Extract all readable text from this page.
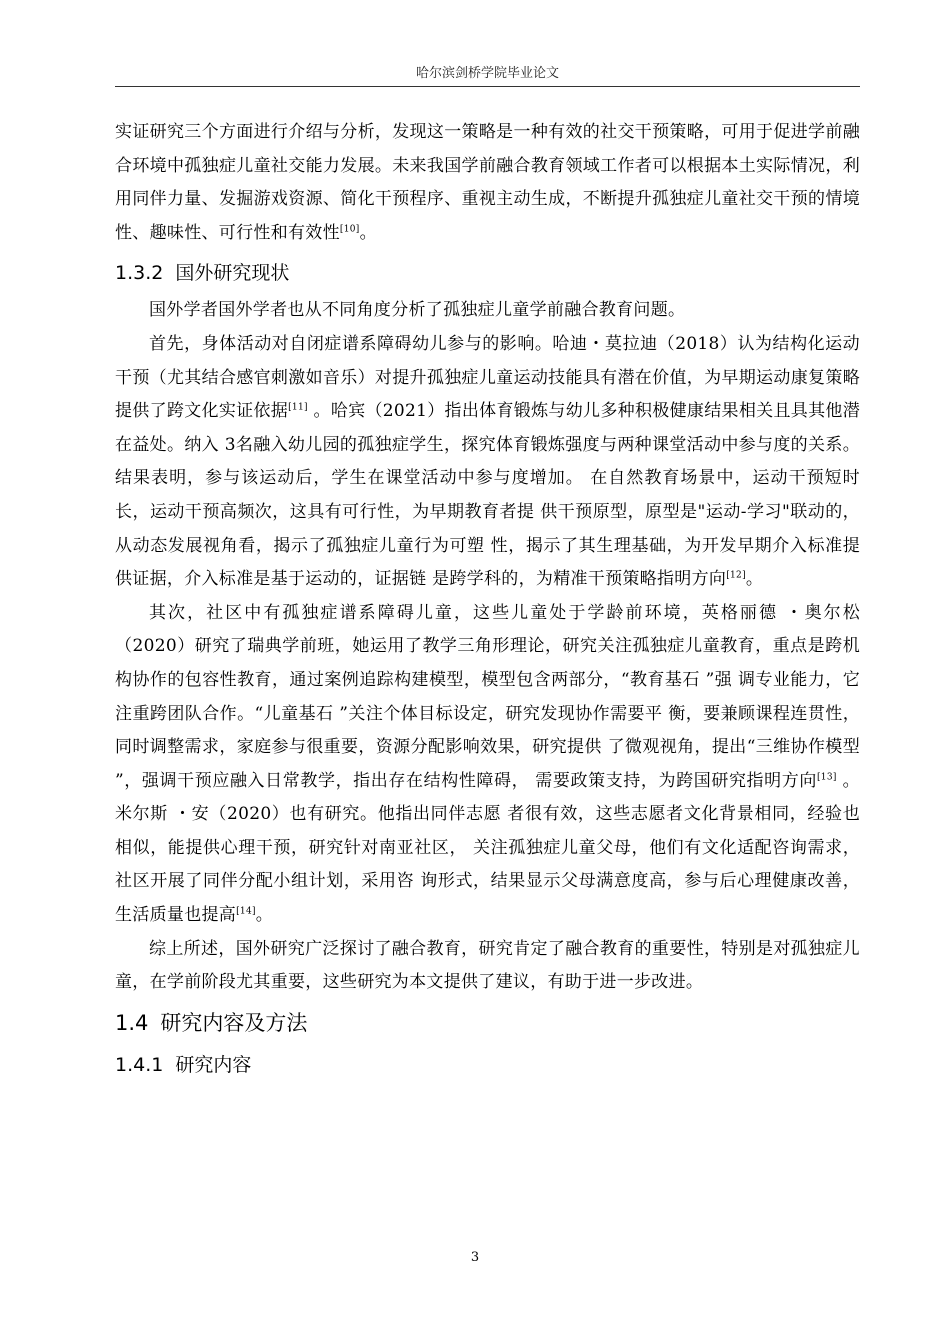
哈尔滨剑桥学院毕业论文

实证研究三个方面进行介绍与分析，发现这一策略是一种有效的社交干预策略，可用于促进学前融合环境中孤独症儿童社交能力发展。未来我国学前融合教育领域工作者可以根据本土实际情况，利用同伴力量、发掘游戏资源、简化干预程序、重视主动生成，不断提升孤独症儿童社交干预的情境性、趣味性、可行性和有效性[10]。

1.3.2 国外研究现状

国外学者国外学者也从不同角度分析了孤独症儿童学前融合教育问题。

首先，身体活动对自闭症谱系障碍幼儿参与的影响。哈迪・莫拉迪（2018）认为结构化运动干预（尤其结合感官刺激如音乐）对提升孤独症儿童运动技能具有潜在价值，为早期运动康复策略提供了跨文化实证依据[11] 。哈宾（2021）指出体育锻炼与幼儿多种积极健康结果相关且具其他潜在益处。纳入 3名融入幼儿园的孤独症学生，探究体育锻炼强度与两种课堂活动中参与度的关系。结果表明，参与该运动后，学生在课堂活动中参与度增加。 在自然教育场景中，运动干预短时长，运动干预高频次，这具有可行性，为早期教育者提 供干预原型，原型是"运动-学习"联动的，从动态发展视角看，揭示了孤独症儿童行为可塑 性，揭示了其生理基础，为开发早期介入标准提供证据，介入标准是基于运动的，证据链 是跨学科的，为精准干预策略指明方向[12]。

其次，社区中有孤独症谱系障碍儿童，这些儿童处于学龄前环境，英格丽德 ・奥尔松（2020）研究了瑞典学前班，她运用了教学三角形理论，研究关注孤独症儿童教育，重点是跨机构协作的包容性教育，通过案例追踪构建模型，模型包含两部分，“教育基石 ”强 调专业能力，它注重跨团队合作。“儿童基石 ”关注个体目标设定，研究发现协作需要平 衡，要兼顾课程连贯性，同时调整需求，家庭参与很重要，资源分配影响效果，研究提供 了微观视角，提出“三维协作模型 ”，强调干预应融入日常教学，指出存在结构性障碍， 需要政策支持，为跨国研究指明方向[13] 。米尔斯 ・安（2020）也有研究。他指出同伴志愿 者很有效，这些志愿者文化背景相同，经验也相似，能提供心理干预，研究针对南亚社区， 关注孤独症儿童父母，他们有文化适配咨询需求，社区开展了同伴分配小组计划，采用咨 询形式，结果显示父母满意度高，参与后心理健康改善，生活质量也提高[14]。

综上所述，国外研究广泛探讨了融合教育，研究肯定了融合教育的重要性，特别是对孤独症儿童，在学前阶段尤其重要，这些研究为本文提供了建议，有助于进一步改进。

1.4 研究内容及方法
1.4.1 研究内容
3
